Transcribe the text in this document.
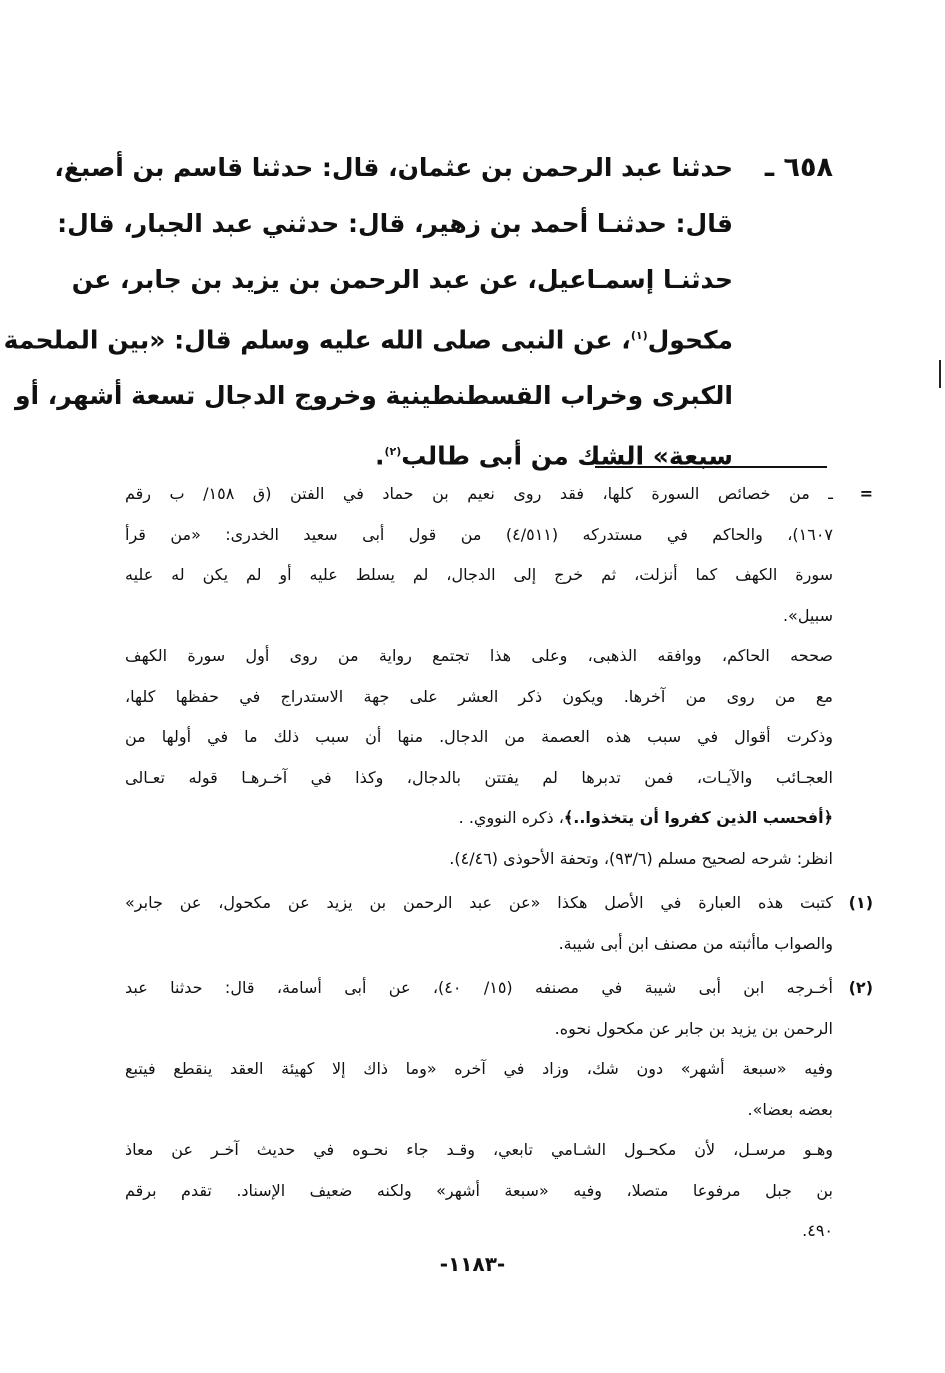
٦٥٨ ـ
حدثنا عبد الرحمن بن عثمان، قال: حدثنا قاسم بن أصبغ،
قال: حدثنـا أحمد بن زهير، قال: حدثني عبد الجبار، قال:
حدثنـا إسمـاعيل، عن عبد الرحمن بن يزيد بن جابر، عن
مكحول$^{(١)}$، عن النبى صلى الله عليه وسلم قال: «بين الملحمة
الكبرى وخراب القسطنطينية وخروج الدجال تسعة أشهر، أو
سبعة» الشك من أبى طالب$^{(٢)}$.
=
ـ من خصائص السورة كلها، فقد روى نعيم بن حماد في الفتن (ق ١٥٨/ ب رقم
١٦٠٧)، والحاكم في مستدركه (٤/٥١١) من قول أبى سعيد الخدرى: «من قرأ
سورة الكهف كما أنزلت، ثم خرج إلى الدجال، لم يسلط عليه أو لم يكن له عليه
سبيل».
صححه الحاكم، ووافقه الذهبى، وعلى هذا تجتمع رواية من روى أول سورة الكهف
مع من روى من آخرها. ويكون ذكر العشر على جهة الاستدراج في حفظها كلها،
وذكرت أقوال في سبب هذه العصمة من الدجال. منها أن سبب ذلك ما في أولها من
العجـائب والآيـات، فمن تدبرها لم يفتتن بالدجال، وكذا في آخـرهـا قوله تعـالى
﴿أفحسب الذين كفروا أن يتخذوا..﴾، ذكره النووي. .
انظر: شرحه لصحيح مسلم (٩٣/٦)، وتحفة الأحوذى (٤/٤٦).
(١)
كتبت هذه العبارة في الأصل هكذا «عن عبد الرحمن بن يزيد عن مكحول، عن جابر»
والصواب ماأثبته من مصنف ابن أبى شيبة.
(٢)
أخـرجه ابن أبى شيبة في مصنفه (١٥/ ٤٠)، عن أبى أسامة، قال: حدثنا عبد
الرحمن بن يزيد بن جابر عن مكحول نحوه.
وفيه «سبعة أشهر» دون شك، وزاد في آخره «وما ذاك إلا كهيئة العقد ينقطع فيتبع
بعضه بعضا».
وهـو مرسـل، لأن مكحـول الشـامي تابعي، وقـد جاء نحـوه في حديث آخـر عن معاذ
بن جبل مرفوعا متصلا، وفيه «سبعة أشهر» ولكنه ضعيف الإسناد. تقدم برقم
٤٩٠.
-١١٨٣-
